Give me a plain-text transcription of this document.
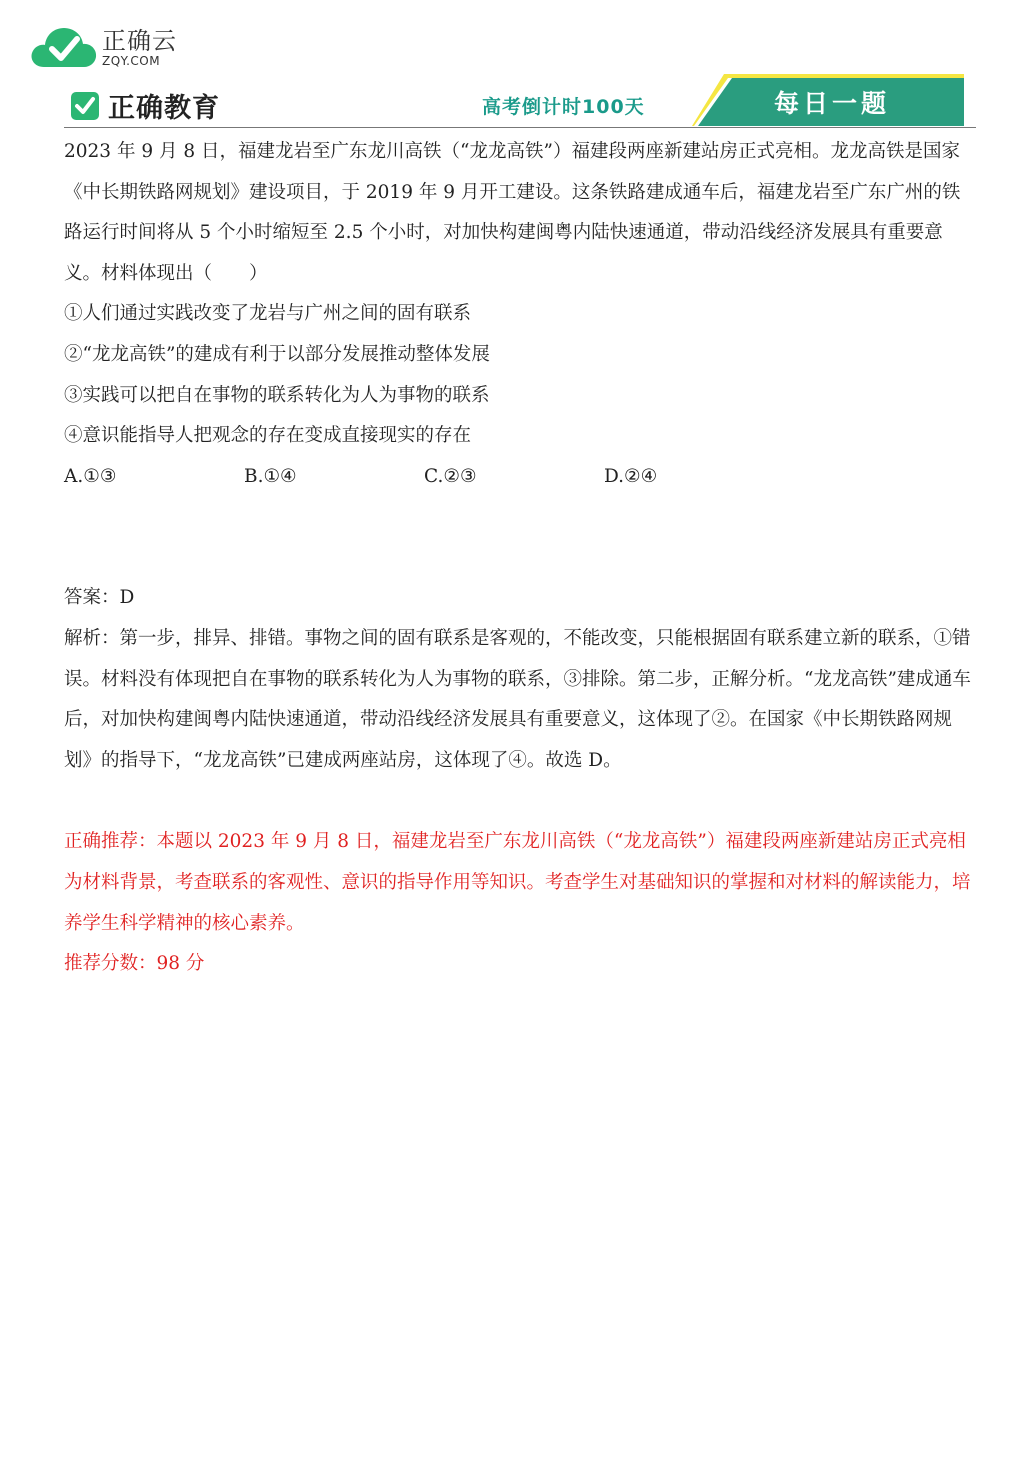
正确云
ZQY.COM
正确教育	高考倒计时100天	每日一题

2023 年 9 月 8 日，福建龙岩至广东龙川高铁（“龙龙高铁”）福建段两座新建站房正式亮相。龙龙高铁是国家《中长期铁路网规划》建设项目，于 2019 年 9 月开工建设。这条铁路建成通车后，福建龙岩至广东广州的铁路运行时间将从 5 个小时缩短至 2.5 个小时，对加快构建闽粤内陆快速通道，带动沿线经济发展具有重要意义。材料体现出（　　）

①人们通过实践改变了龙岩与广州之间的固有联系

②“龙龙高铁”的建成有利于以部分发展推动整体发展

③实践可以把自在事物的联系转化为人为事物的联系

④意识能指导人把观念的存在变成直接现实的存在

A.①③	B.①④	C.②③	D.②④

答案：D

解析：第一步，排异、排错。事物之间的固有联系是客观的，不能改变，只能根据固有联系建立新的联系，①错误。材料没有体现把自在事物的联系转化为人为事物的联系，③排除。第二步，正解分析。“龙龙高铁”建成通车后，对加快构建闽粤内陆快速通道，带动沿线经济发展具有重要意义，这体现了②。在国家《中长期铁路网规划》的指导下，“龙龙高铁”已建成两座站房，这体现了④。故选 D。

正确推荐：本题以 2023 年 9 月 8 日，福建龙岩至广东龙川高铁（“龙龙高铁”）福建段两座新建站房正式亮相为材料背景，考查联系的客观性、意识的指导作用等知识。考查学生对基础知识的掌握和对材料的解读能力，培养学生科学精神的核心素养。

推荐分数：98 分
